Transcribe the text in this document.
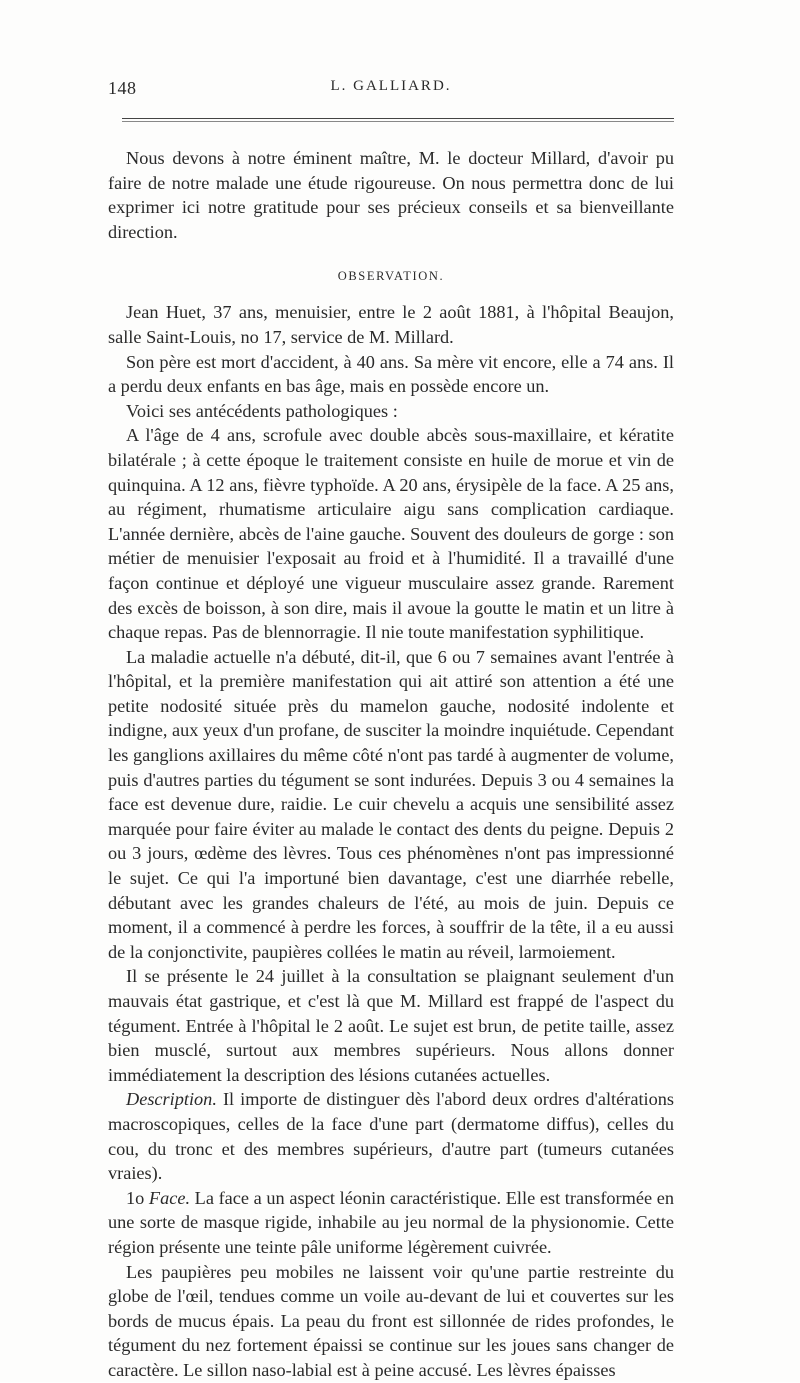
148	L. GALLIARD.

Nous devons à notre éminent maître, M. le docteur Millard, d'avoir pu faire de notre malade une étude rigoureuse. On nous permettra donc de lui exprimer ici notre gratitude pour ses précieux conseils et sa bienveillante direction.

OBSERVATION.

Jean Huet, 37 ans, menuisier, entre le 2 août 1881, à l'hôpital Beaujon, salle Saint-Louis, no 17, service de M. Millard.

Son père est mort d'accident, à 40 ans. Sa mère vit encore, elle a 74 ans. Il a perdu deux enfants en bas âge, mais en possède encore un.

Voici ses antécédents pathologiques :

A l'âge de 4 ans, scrofule avec double abcès sous-maxillaire, et kératite bilatérale ; à cette époque le traitement consiste en huile de morue et vin de quinquina. A 12 ans, fièvre typhoïde. A 20 ans, érysipèle de la face. A 25 ans, au régiment, rhumatisme articulaire aigu sans complication cardiaque. L'année dernière, abcès de l'aine gauche. Souvent des douleurs de gorge : son métier de menuisier l'exposait au froid et à l'humidité. Il a travaillé d'une façon continue et déployé une vigueur musculaire assez grande. Rarement des excès de boisson, à son dire, mais il avoue la goutte le matin et un litre à chaque repas. Pas de blennorragie. Il nie toute manifestation syphilitique.

La maladie actuelle n'a débuté, dit-il, que 6 ou 7 semaines avant l'entrée à l'hôpital, et la première manifestation qui ait attiré son attention a été une petite nodosité située près du mamelon gauche, nodosité indolente et indigne, aux yeux d'un profane, de susciter la moindre inquiétude. Cependant les ganglions axillaires du même côté n'ont pas tardé à augmenter de volume, puis d'autres parties du tégument se sont indurées. Depuis 3 ou 4 semaines la face est devenue dure, raidie. Le cuir chevelu a acquis une sensibilité assez marquée pour faire éviter au malade le contact des dents du peigne. Depuis 2 ou 3 jours, œdème des lèvres. Tous ces phénomènes n'ont pas impressionné le sujet. Ce qui l'a importuné bien davantage, c'est une diarrhée rebelle, débutant avec les grandes chaleurs de l'été, au mois de juin. Depuis ce moment, il a commencé à perdre les forces, à souffrir de la tête, il a eu aussi de la conjonctivite, paupières collées le matin au réveil, larmoiement.

Il se présente le 24 juillet à la consultation se plaignant seulement d'un mauvais état gastrique, et c'est là que M. Millard est frappé de l'aspect du tégument. Entrée à l'hôpital le 2 août. Le sujet est brun, de petite taille, assez bien musclé, surtout aux membres supérieurs. Nous allons donner immédiatement la description des lésions cutanées actuelles.

Description. Il importe de distinguer dès l'abord deux ordres d'altérations macroscopiques, celles de la face d'une part (dermatome diffus), celles du cou, du tronc et des membres supérieurs, d'autre part (tumeurs cutanées vraies).

1o Face. La face a un aspect léonin caractéristique. Elle est transformée en une sorte de masque rigide, inhabile au jeu normal de la physionomie. Cette région présente une teinte pâle uniforme légèrement cuivrée.

Les paupières peu mobiles ne laissent voir qu'une partie restreinte du globe de l'œil, tendues comme un voile au-devant de lui et couvertes sur les bords de mucus épais. La peau du front est sillonnée de rides profondes, le tégument du nez fortement épaissi se continue sur les joues sans changer de caractère. Le sillon naso-labial est à peine accusé. Les lèvres épaisses
